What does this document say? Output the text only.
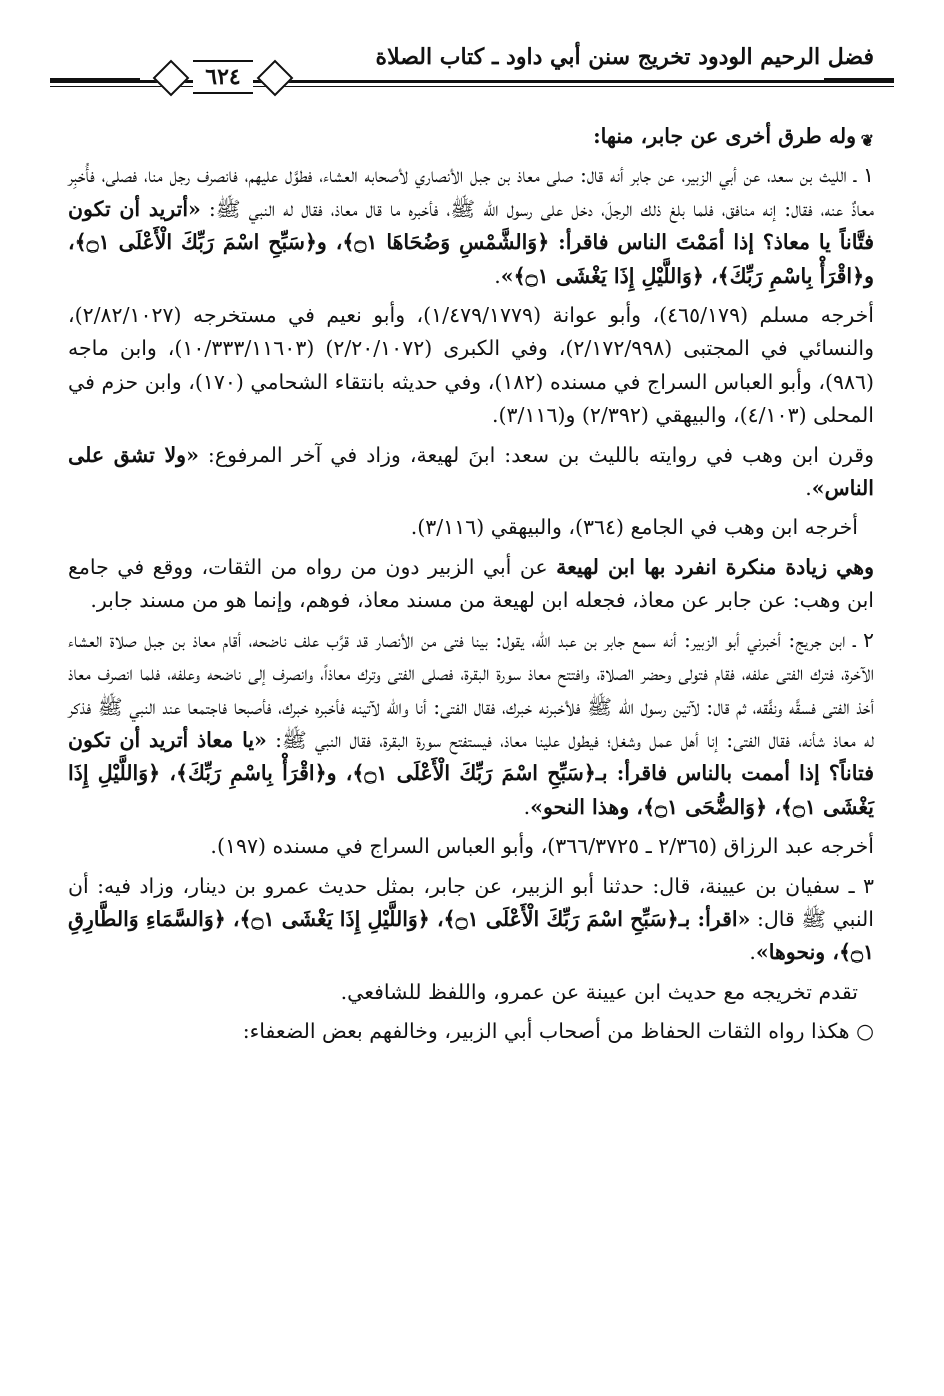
فضل الرحيم الودود تخريج سنن أبي داود ـ كتاب الصلاة
٦٢٤

❦
وله طرق أخرى عن جابر، منها:

١ ـ الليث بن سعد، عن أبي الزبير، عن جابر أنه قال: صلى معاذ بن جبل الأنصاري لأصحابه العشاء، فطوَّل عليهم، فانصرف رجل منا، فصلى، فأُخبِر معاذٌ عنه، فقال: إنه منافق، فلما بلغ ذلك الرجلَ، دخل على رسول الله ﷺ، فأخبره ما قال معاذ، فقال له النبي ﷺ: «أتريد أن تكون فتَّاناً يا معاذ؟ إذا أمَمْتَ الناس فاقرأ: ﴿وَالشَّمْسِ وَضُحَاهَا ۝١﴾، و﴿سَبِّحِ اسْمَ رَبِّكَ الْأَعْلَى ۝١﴾، و﴿اقْرَأْ بِاسْمِ رَبِّكَ﴾، ﴿وَاللَّيْلِ إِذَا يَغْشَى ۝١﴾».

أخرجه مسلم (٤٦٥/١٧٩)، وأبو عوانة (١/٤٧٩/١٧٧٩)، وأبو نعيم في مستخرجه (٢/٨٢/١٠٢٧)، والنسائي في المجتبى (٢/١٧٢/٩٩٨)، وفي الكبرى (٢/٢٠/١٠٧٢) (١٠/٣٣٣/١١٦٠٣)، وابن ماجه (٩٨٦)، وأبو العباس السراج في مسنده (١٨٢)، وفي حديثه بانتقاء الشحامي (١٧٠)، وابن حزم في المحلى (٤/١٠٣)، والبيهقي (٢/٣٩٢) و(٣/١١٦).

وقرن ابن وهب في روايته بالليث بن سعد: ابنَ لهيعة، وزاد في آخر المرفوع: «ولا تشق على الناس».

أخرجه ابن وهب في الجامع (٣٦٤)، والبيهقي (٣/١١٦).

وهي زيادة منكرة انفرد بها ابن لهيعة عن أبي الزبير دون من رواه من الثقات، ووقع في جامع ابن وهب: عن جابر عن معاذ، فجعله ابن لهيعة من مسند معاذ، فوهم، وإنما هو من مسند جابر.

٢ ـ ابن جريج: أخبرني أبو الزبير: أنه سمع جابر بن عبد الله، يقول: بينا فتى من الأنصار قد قرَّب علف ناضحه، أقام معاذ بن جبل صلاة العشاء الآخرة، فترك الفتى علفه، فقام فتولى وحضر الصلاة، وافتتح معاذ سورة البقرة، فصلى الفتى وترك معاذاً، وانصرف إلى ناضحه وعلفه، فلما انصرف معاذ أخذ الفتى فسقَّه ونفَّقه، ثم قال: لآتين رسول الله ﷺ فلأخبرنه خبرك، فقال الفتى: أنا والله لآتينه فأخبره خبرك، فأصبحا فاجتمعا عند النبي ﷺ فذكر له معاذ شأنه، فقال الفتى: إنا أهل عمل وشغل؛ فيطول علينا معاذ، فيستفتح سورة البقرة، فقال النبي ﷺ: «يا معاذ أتريد أن تكون فتاناً؟ إذا أممت بالناس فاقرأ: بـ﴿سَبِّحِ اسْمَ رَبِّكَ الْأَعْلَى ۝١﴾، و﴿اقْرَأْ بِاسْمِ رَبِّكَ﴾، ﴿وَاللَّيْلِ إِذَا يَغْشَى ۝١﴾، ﴿وَالضُّحَى ۝١﴾، وهذا النحو».

أخرجه عبد الرزاق (٢/٣٦٥ ـ ٣٦٦/٣٧٢٥)، وأبو العباس السراج في مسنده (١٩٧).

٣ ـ سفيان بن عيينة، قال: حدثنا أبو الزبير، عن جابر، بمثل حديث عمرو بن دينار، وزاد فيه: أن النبي ﷺ قال: «اقرأ: بـ﴿سَبِّحِ اسْمَ رَبِّكَ الْأَعْلَى ۝١﴾، ﴿وَاللَّيْلِ إِذَا يَغْشَى ۝١﴾، ﴿وَالسَّمَاءِ وَالطَّارِقِ ۝١﴾، ونحوها».

تقدم تخريجه مع حديث ابن عيينة عن عمرو، واللفظ للشافعي.

○ هكذا رواه الثقات الحفاظ من أصحاب أبي الزبير، وخالفهم بعض الضعفاء:
